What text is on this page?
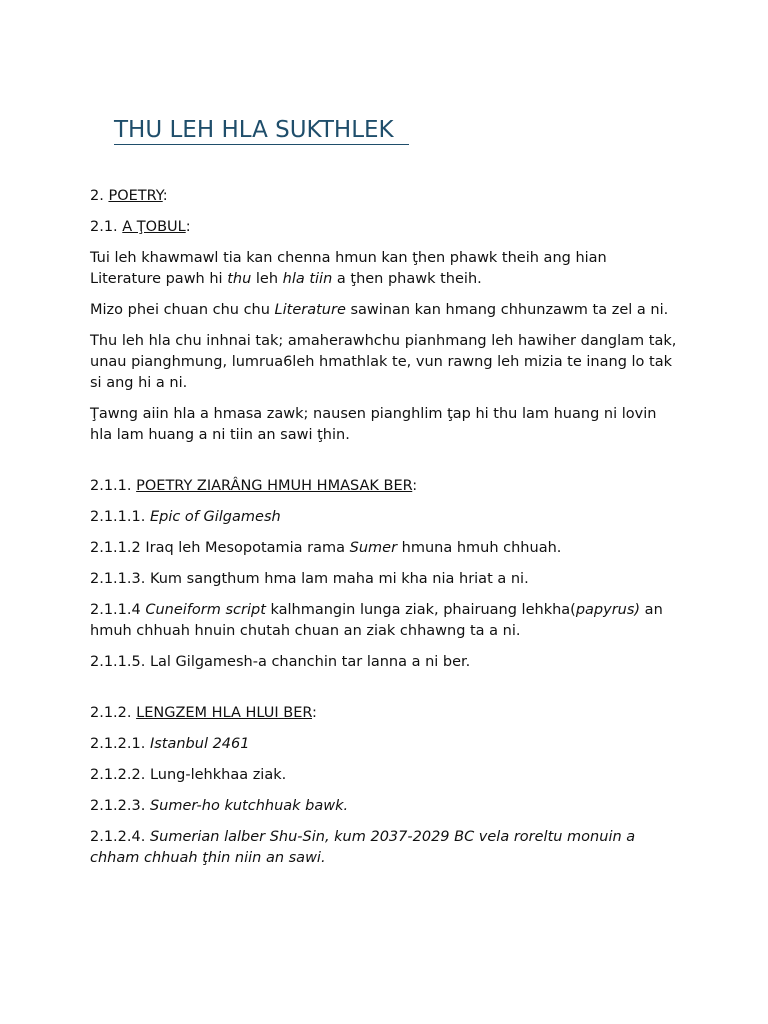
THU LEH HLA SUKTHLEK

2. POETRY:

2.1. A ŢOBUL:

Tui leh khawmawl tia kan chenna hmun kan ţhen phawk theih ang hian Literature pawh hi thu leh hla tiin a ţhen phawk theih.

Mizo phei chuan chu chu Literature sawinan kan hmang chhunzawm ta zel a ni.

Thu leh hla chu inhnai tak; amaherawhchu pianhmang leh hawiher danglam tak, unau pianghmung, lumrua6leh hmathlak te, vun rawng leh mizia te inang lo tak si ang hi a ni.

Ţawng aiin hla a hmasa zawk; nausen pianghlim ţap hi thu lam huang ni lovin hla lam huang a ni tiin an sawi ţhin.

2.1.1. POETRY ZIARÂNG HMUH HMASAK BER:

2.1.1.1. Epic of Gilgamesh

2.1.1.2 Iraq leh Mesopotamia rama Sumer hmuna hmuh chhuah.

2.1.1.3. Kum sangthum hma lam maha mi kha nia hriat a ni.

2.1.1.4 Cuneiform script kalhmangin lunga ziak, phairuang lehkha(papyrus) an hmuh chhuah hnuin chutah chuan an ziak chhawng ta a ni.

2.1.1.5. Lal Gilgamesh-a chanchin tar lanna a ni ber.

2.1.2. LENGZEM HLA HLUI BER:

2.1.2.1. Istanbul 2461

2.1.2.2. Lung-lehkhaa ziak.

2.1.2.3. Sumer-ho kutchhuak bawk.

2.1.2.4. Sumerian lalber Shu-Sin, kum 2037-2029 BC vela roreltu monuin a chham chhuah ţhin niin an sawi.
